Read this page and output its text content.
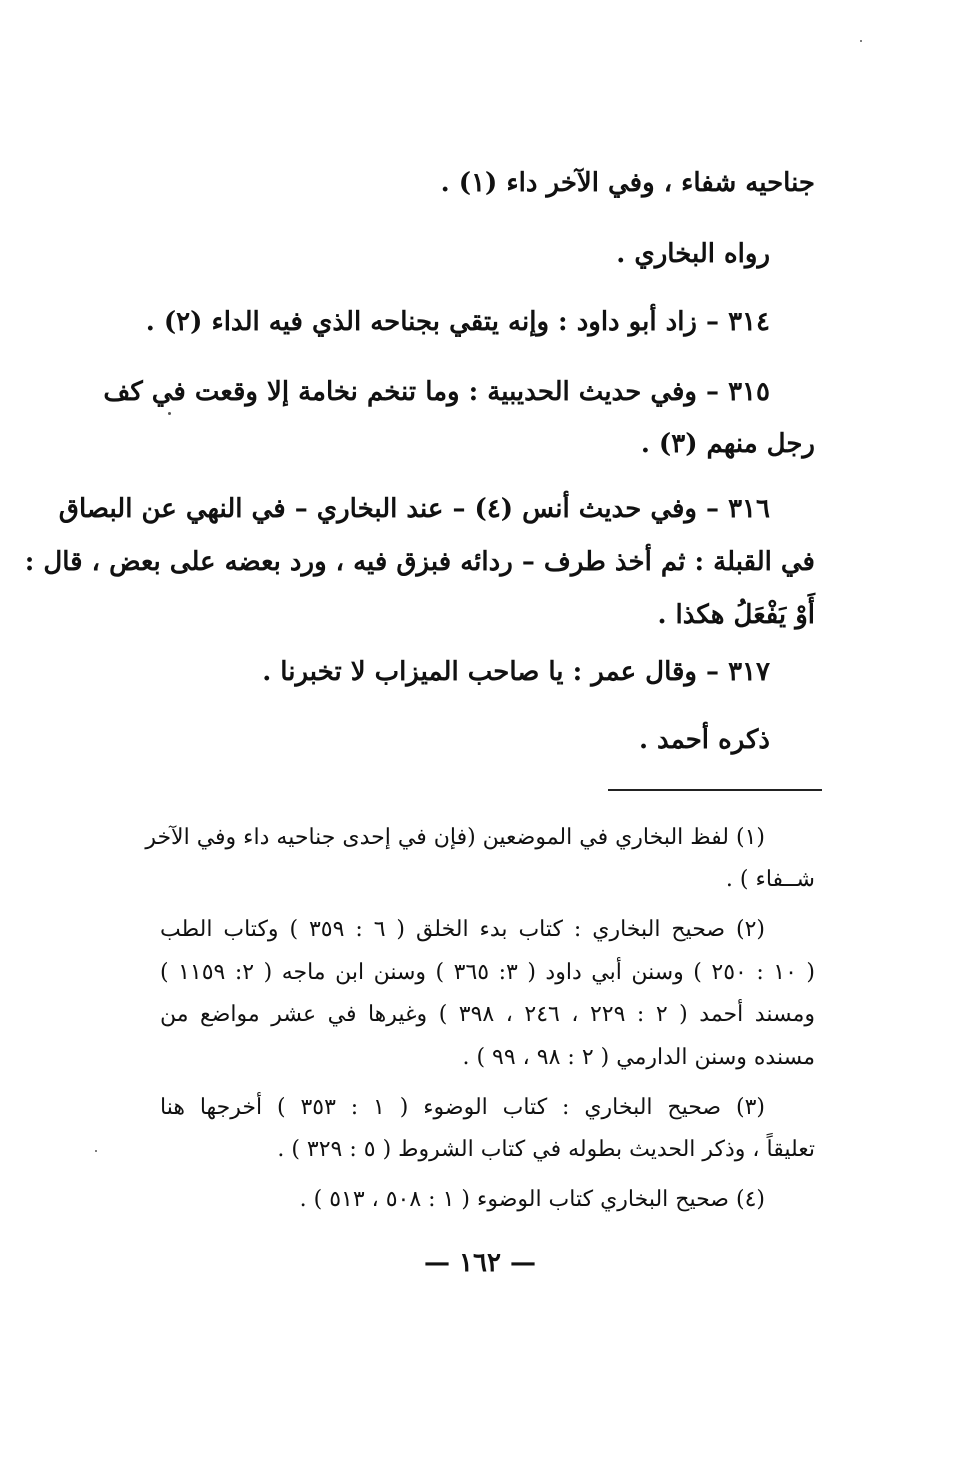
جناحيه شفاء ، وفي الآخر داء (١) .
رواه البخاري .
٣١٤ – زاد أبو داود : وإنه يتقي بجناحه الذي فيه الداء (٢) .
٣١٥ – وفي حديث الحديبية : وما تنخم نخامة إلا وقعت في كف
رجل منهم (٣) .
٣١٦ – وفي حديث أنس (٤) – عند البخاري – في النهي عن البصاق
في القبلة : ثم أخذ طرف – ردائه فبزق فيه ، ورد بعضه على بعض ، قال :
أَوْ يَفْعَلُ هكذا .
٣١٧ – وقال عمر : يا صاحب الميزاب لا تخبرنا .
ذكره أحمد .
(١) لفظ البخاري في الموضعين (فإن في إحدى جناحيه داء وفي الآخر
شــفاء ) .
(٢) صحيح البخاري : كتاب بدء الخلق ( ٦ : ٣٥٩ ) وكتاب الطب
( ١٠ : ٢٥٠ ) وسنن أبي داود ( ٣: ٣٦٥ ) وسنن ابن ماجه ( ٢: ١١٥٩ )
ومسند أحمد ( ٢ : ٢٢٩ ، ٢٤٦ ، ٣٩٨ ) وغيرها في عشر مواضع من
مسنده وسنن الدارمي ( ٢ : ٩٨ ، ٩٩ ) .
(٣) صحيح البخاري : كتاب الوضوء ( ١ : ٣٥٣ ) أخرجها هنا
تعليقاً ، وذكر الحديث بطوله في كتاب الشروط ( ٥ : ٣٢٩ ) .
(٤) صحيح البخاري كتاب الوضوء ( ١ : ٥٠٨ ، ٥١٣ ) .
— ١٦٢ —
